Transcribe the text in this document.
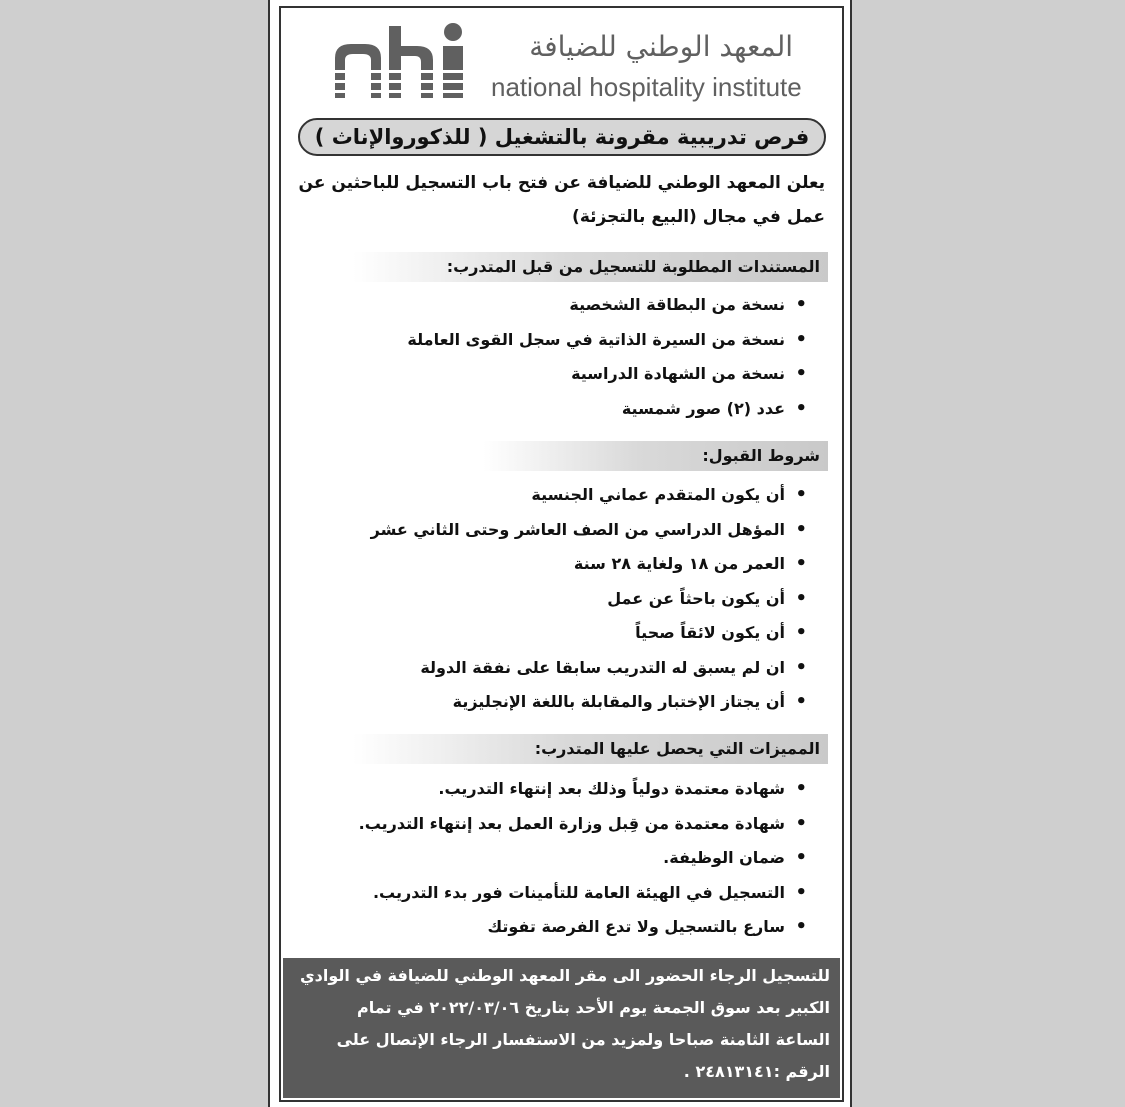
المعهد الوطني للضيافة
national hospitality institute
فرص تدريبية مقرونة بالتشغيل ( للذكوروالإناث )

يعلن المعهد الوطني للضيافة عن فتح باب التسجيل للباحثين عن

عمل في مجال (البيع بالتجزئة)

المستندات المطلوبة للتسجيل من قبل المتدرب:
• نسخة من البطاقة الشخصية
• نسخة من السيرة الذاتية في سجل القوى العاملة
• نسخة من الشهادة الدراسية
• عدد (٢) صور شمسية
شروط القبول:
• أن يكون المتقدم عماني الجنسية
• المؤهل الدراسي من الصف العاشر وحتى الثاني عشر
• العمر من ١٨ ولغاية ٢٨ سنة
• أن يكون باحثاً عن عمل
• أن يكون لائقاً صحياً
• ان لم يسبق له التدريب سابقا على نفقة الدولة
• أن يجتاز الإختبار والمقابلة باللغة الإنجليزية
المميزات التي يحصل عليها المتدرب:
• شهادة معتمدة دولياً وذلك بعد إنتهاء التدريب.
• شهادة معتمدة من قِبل وزارة العمل بعد إنتهاء التدريب.
• ضمان الوظيفة.
• التسجيل في الهيئة العامة للتأمينات فور بدء التدريب.
• سارع بالتسجيل ولا تدع الفرصة تفوتك

للتسجيل الرجاء الحضور الى مقر المعهد الوطني للضيافة في الوادي

الكبير بعد سوق الجمعة يوم الأحد بتاريخ ٢٠٢٢/٠٣/٠٦ في تمام

الساعة الثامنة صباحا ولمزيد من الاستفسار الرجاء الإتصال على

الرقم :٢٤٨١٣١٤١ .
